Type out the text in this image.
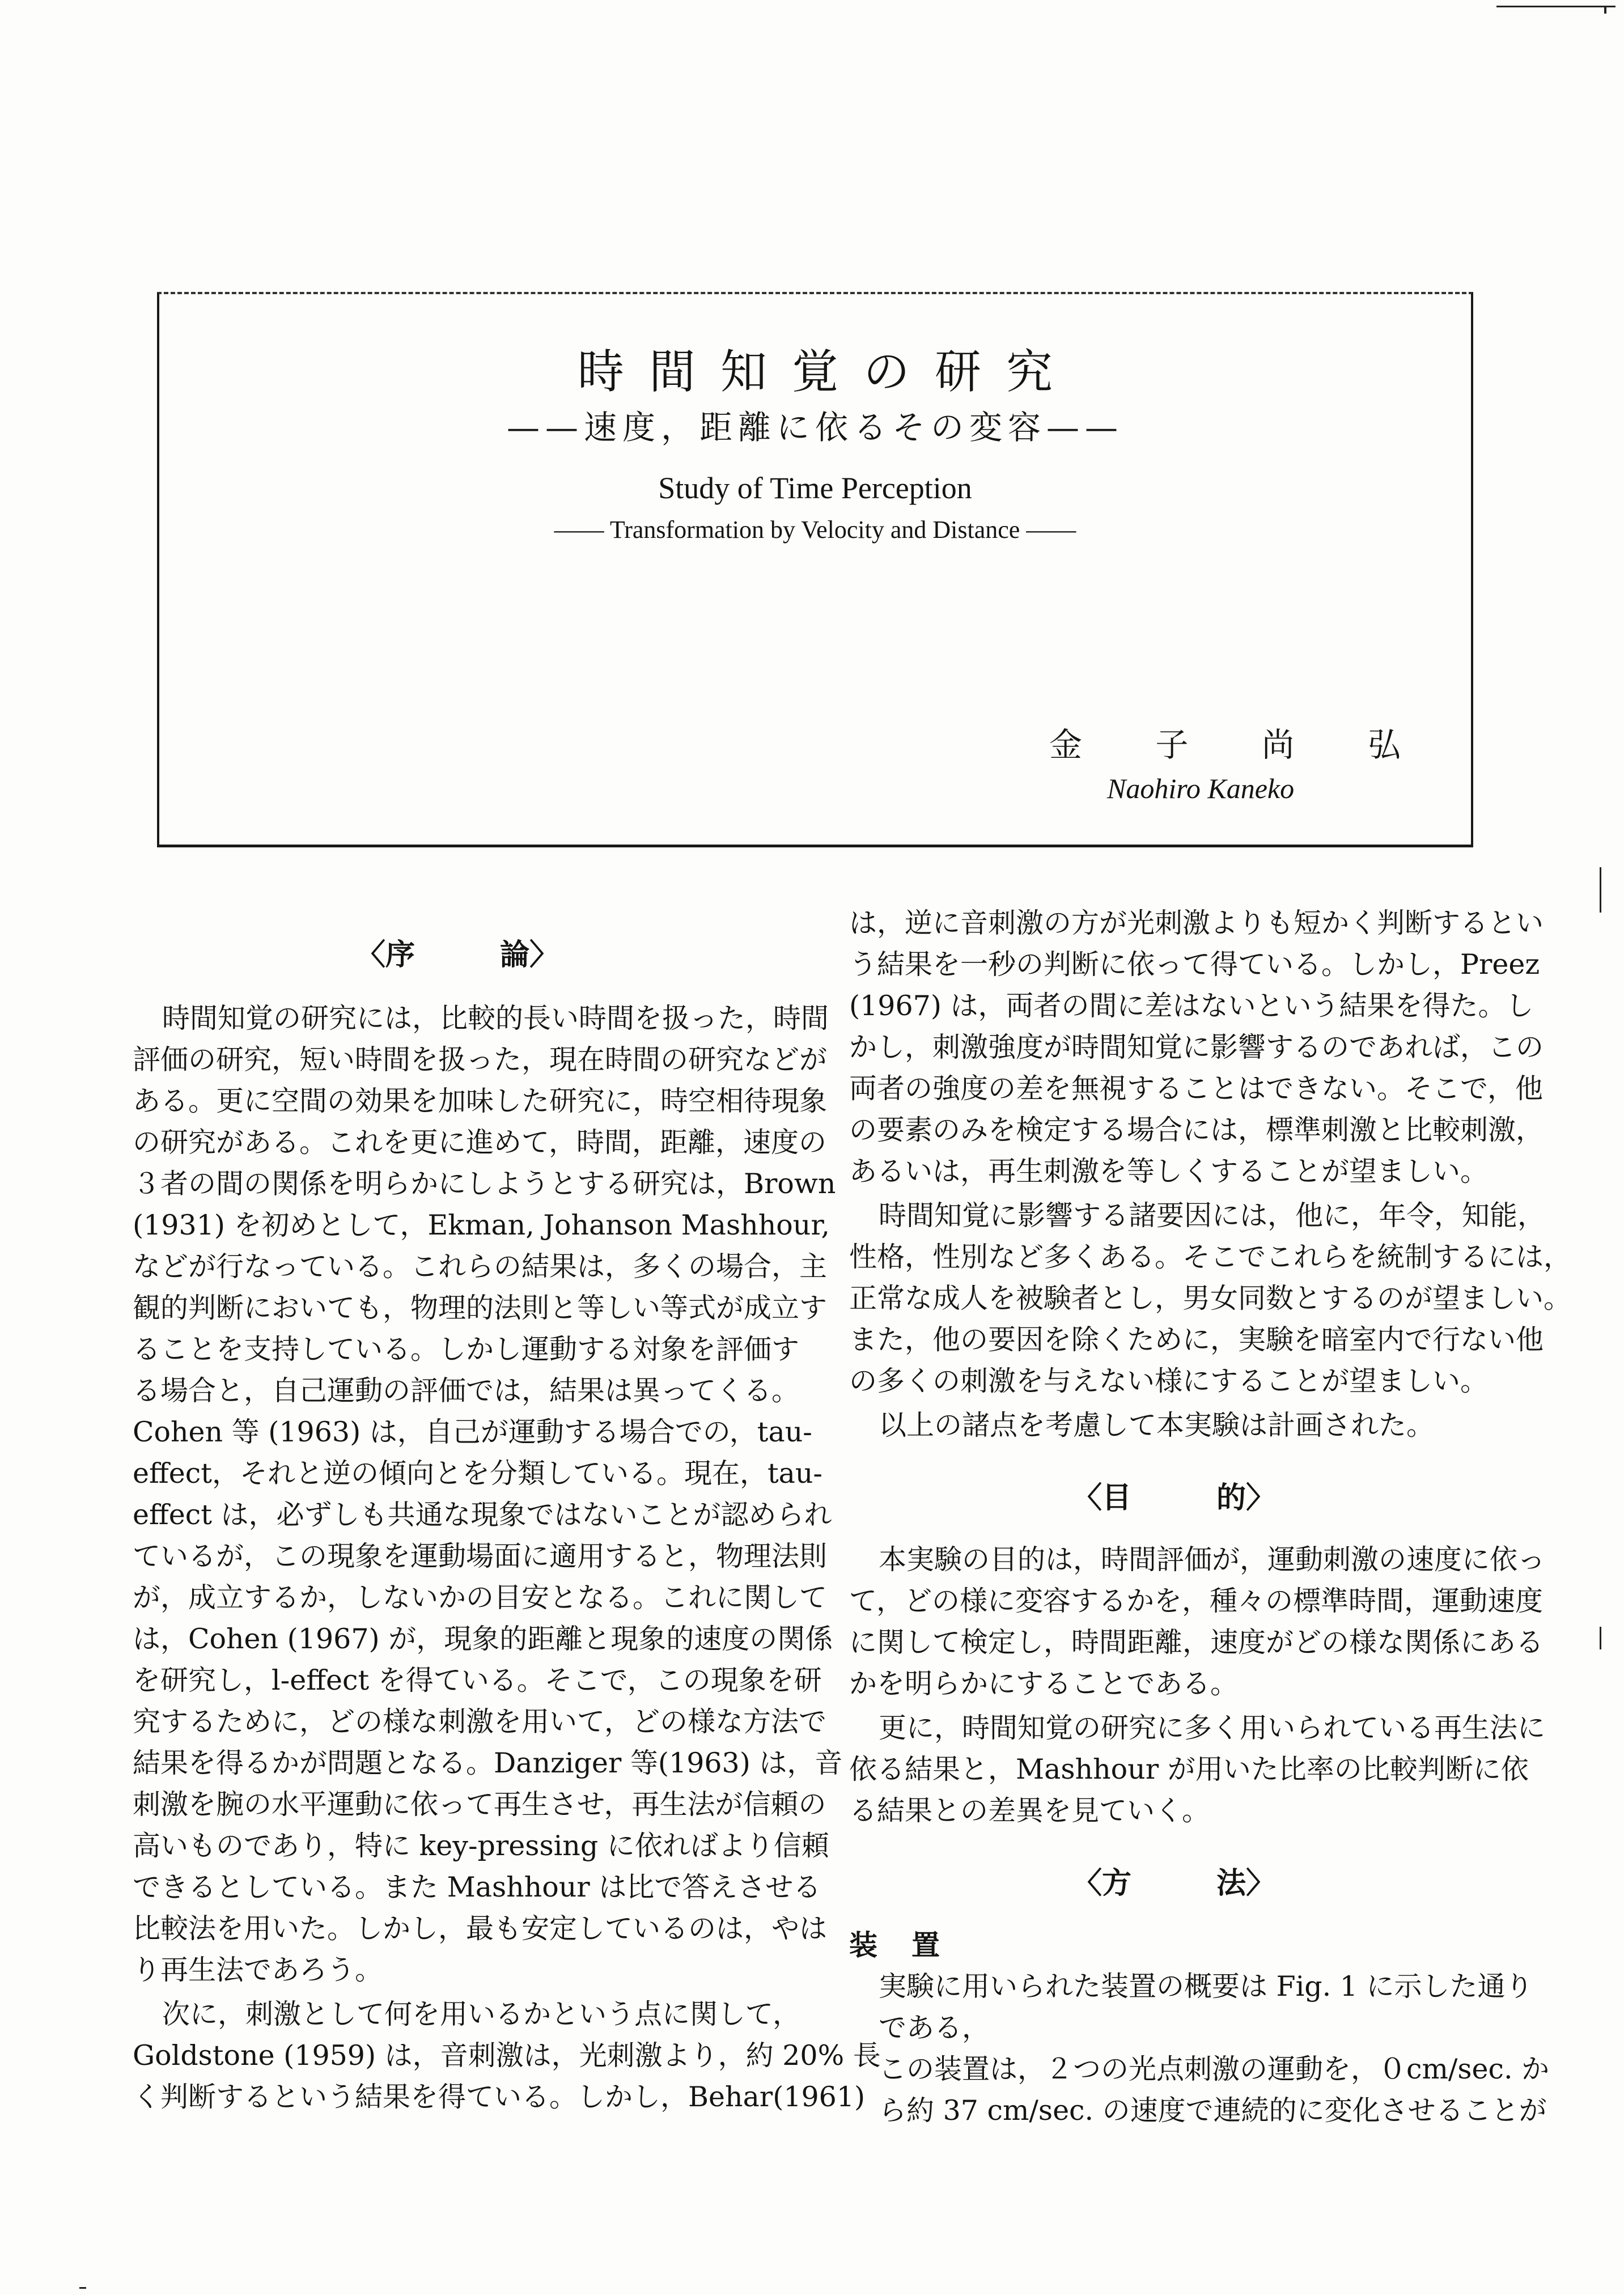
時間知覚の研究
——速度，距離に依るその変容——
Study of Time Perception
—— Transformation by Velocity and Distance ——
金 子 尚 弘
Naohiro Kaneko
〈序	論〉
時間知覚の研究には，比較的長い時間を扱った，時間
評価の研究，短い時間を扱った，現在時間の研究などが
ある。更に空間の効果を加味した研究に，時空相待現象
の研究がある。これを更に進めて，時間，距離，速度の
３者の間の関係を明らかにしようとする研究は，Brown
(1931) を初めとして，Ekman, Johanson Mashhour,
などが行なっている。これらの結果は，多くの場合，主
観的判断においても，物理的法則と等しい等式が成立す
ることを支持している。しかし運動する対象を評価す
る場合と，自己運動の評価では，結果は異ってくる。
Cohen 等 (1963) は，自己が運動する場合での，tau-
effect，それと逆の傾向とを分類している。現在，tau-
effect は，必ずしも共通な現象ではないことが認められ
ているが，この現象を運動場面に適用すると，物理法則
が，成立するか，しないかの目安となる。これに関して
は，Cohen (1967) が，現象的距離と現象的速度の関係
を研究し，l-effect を得ている。そこで，この現象を研
究するために，どの様な刺激を用いて，どの様な方法で
結果を得るかが問題となる。Danziger 等(1963) は，音
刺激を腕の水平運動に依って再生させ，再生法が信頼の
高いものであり，特に key-pressing に依ればより信頼
できるとしている。また Mashhour は比で答えさせる
比較法を用いた。しかし，最も安定しているのは，やは
り再生法であろう。
次に，刺激として何を用いるかという点に関して，
Goldstone (1959) は，音刺激は，光刺激より，約 20% 長
く判断するという結果を得ている。しかし，Behar(1961)
は，逆に音刺激の方が光刺激よりも短かく判断するとい
う結果を一秒の判断に依って得ている。しかし，Preez
(1967) は，両者の間に差はないという結果を得た。し
かし，刺激強度が時間知覚に影響するのであれば，この
両者の強度の差を無視することはできない。そこで，他
の要素のみを検定する場合には，標準刺激と比較刺激，
あるいは，再生刺激を等しくすることが望ましい。
時間知覚に影響する諸要因には，他に，年令，知能，
性格，性別など多くある。そこでこれらを統制するには，
正常な成人を被験者とし，男女同数とするのが望ましい。
また，他の要因を除くために，実験を暗室内で行ない他
の多くの刺激を与えない様にすることが望ましい。
以上の諸点を考慮して本実験は計画された。
〈目	的〉
本実験の目的は，時間評価が，運動刺激の速度に依っ
て，どの様に変容するかを，種々の標準時間，運動速度
に関して検定し，時間距離，速度がどの様な関係にある
かを明らかにすることである。
更に，時間知覚の研究に多く用いられている再生法に
依る結果と，Mashhour が用いた比率の比較判断に依
る結果との差異を見ていく。
〈方	法〉
装置
実験に用いられた装置の概要は Fig. 1 に示した通り
である，
この装置は，２つの光点刺激の運動を，０cm/sec. か
ら約 37 cm/sec. の速度で連続的に変化させることが
